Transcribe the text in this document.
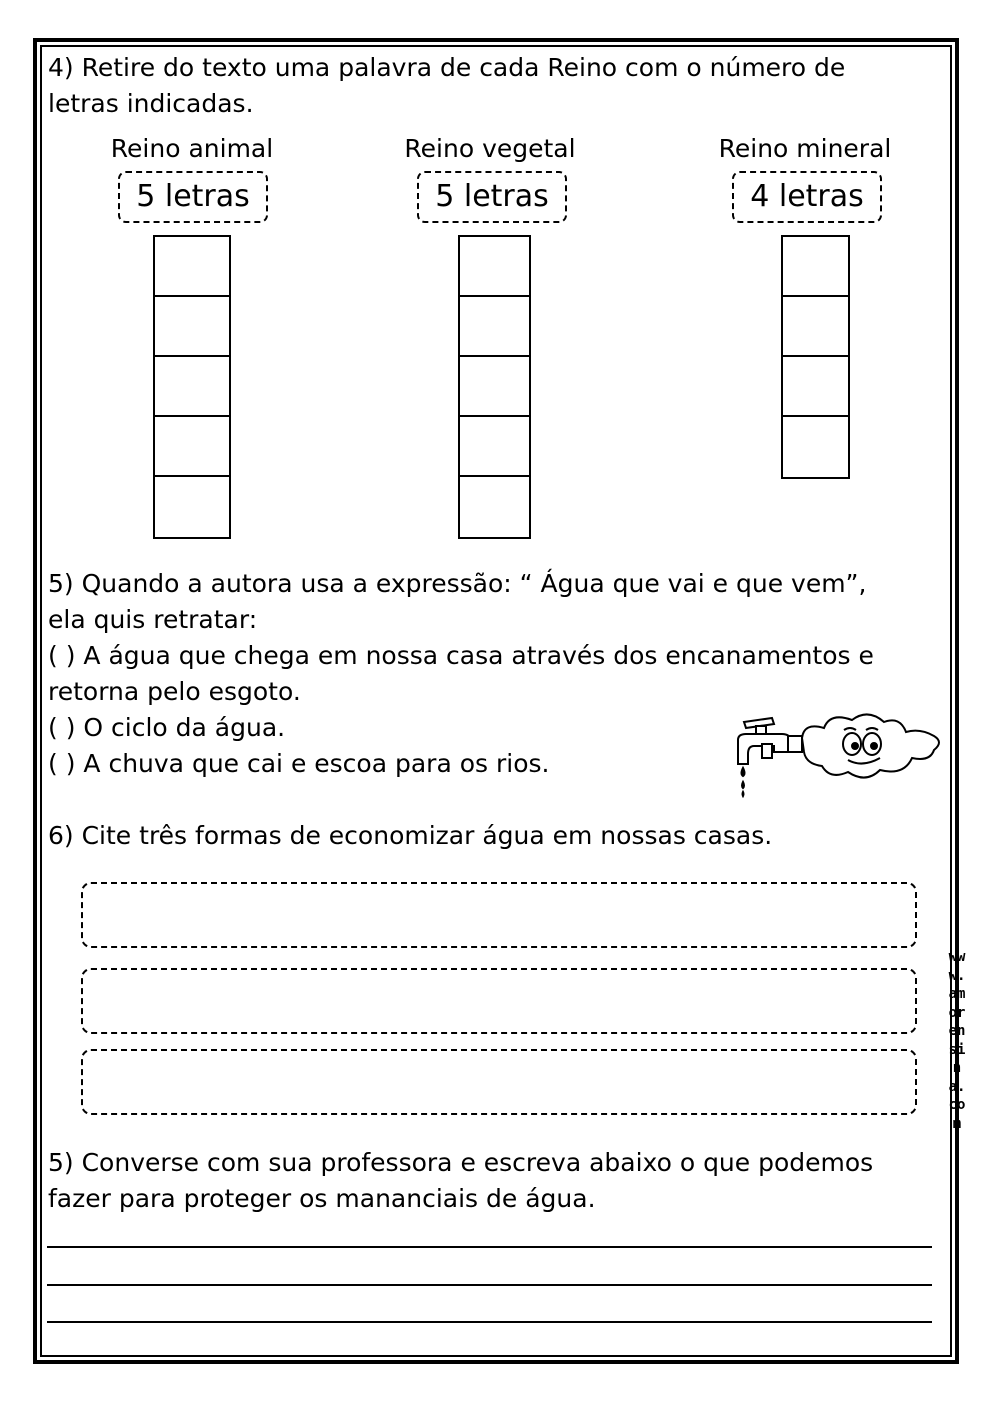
4) Retire do texto uma palavra de cada Reino com o número de
letras indicadas.
Reino animal	Reino vegetal	Reino mineral
5 letras	5 letras	4 letras
5) Quando a autora usa a expressão: “ Água que vai e que vem”,
ela quis retratar:
( ) A água que chega em nossa casa através dos encanamentos e
retorna pelo esgoto.
( ) O ciclo da água.
( ) A chuva que cai e escoa para os rios.
6) Cite três formas de economizar água em nossas casas.
5) Converse com sua professora e escreva abaixo o que podemos
fazer para proteger os mananciais de água.
www.amorensina.com
